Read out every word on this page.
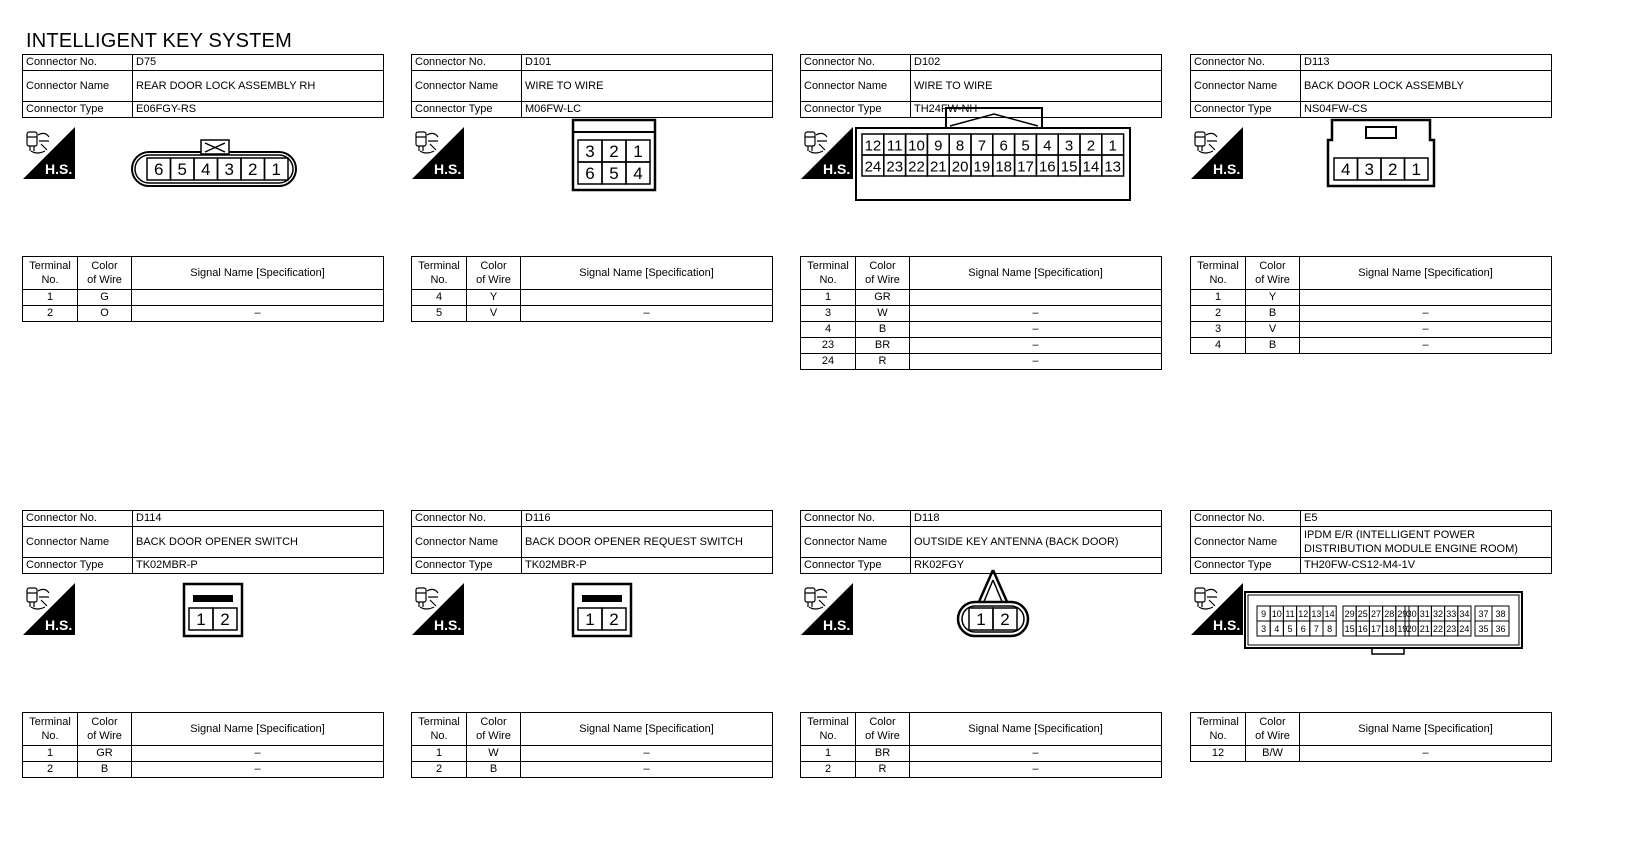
INTELLIGENT KEY SYSTEM
Connector No.	D75
Connector Name	REAR DOOR LOCK ASSEMBLY RH
Connector Type	E06FGY-RS
H.S.	6 5 4 3 2 1
Terminal
No.	Color
of Wire	Signal Name [Specification]
1	G	
2	O	–
Connector No.	D101
Connector Name	WIRE TO WIRE
Connector Type	M06FW-LC
H.S.
3 2 1
6 5 4
Terminal
No.	Color
of Wire	Signal Name [Specification]
4	Y	
5	V	–
Connector No.	D102
Connector Name	WIRE TO WIRE
Connector Type	TH24FW-NH
H.S.
12 11 10 9 8 7 6 5 4 3 2 1
24 23 22 21 20 19 18 17 16 15 14 13
Terminal
No.	Color
of Wire	Signal Name [Specification]
1	GR	
3	W	–
4	B	–
23	BR	–
24	R	–
Connector No.	D113
Connector Name	BACK DOOR LOCK ASSEMBLY
Connector Type	NS04FW-CS
H.S.	4 3 2 1
Terminal
No.	Color
of Wire	Signal Name [Specification]
1	Y	
2	B	–
3	V	–
4	B	–
Connector No.	D114
Connector Name	BACK DOOR OPENER SWITCH
Connector Type	TK02MBR-P
H.S.	1 2
Terminal
No.	Color
of Wire	Signal Name [Specification]
1	GR	–
2	B	–
Connector No.	D116
Connector Name	BACK DOOR OPENER REQUEST SWITCH
Connector Type	TK02MBR-P
H.S.	1 2
Terminal
No.	Color
of Wire	Signal Name [Specification]
1	W	–
2	B	–
Connector No.	D118
Connector Name	OUTSIDE KEY ANTENNA (BACK DOOR)
Connector Type	RK02FGY
H.S.	1 2
Terminal
No.	Color
of Wire	Signal Name [Specification]
1	BR	–
2	R	–
Connector No.	E5
Connector Name	IPDM E/R (INTELLIGENT POWER DISTRIBUTION MODULE ENGINE ROOM)
Connector Type	TH20FW-CS12-M4-1V
H.S.
9 10 11 12 13 14 29 25 27 28 29 30 31 32 33 34 37 38
3 4 5 6 7 8 15 16 17 18 19 20 21 22 23 24 35 36
Terminal
No.	Color
of Wire	Signal Name [Specification]
12	B/W	–
